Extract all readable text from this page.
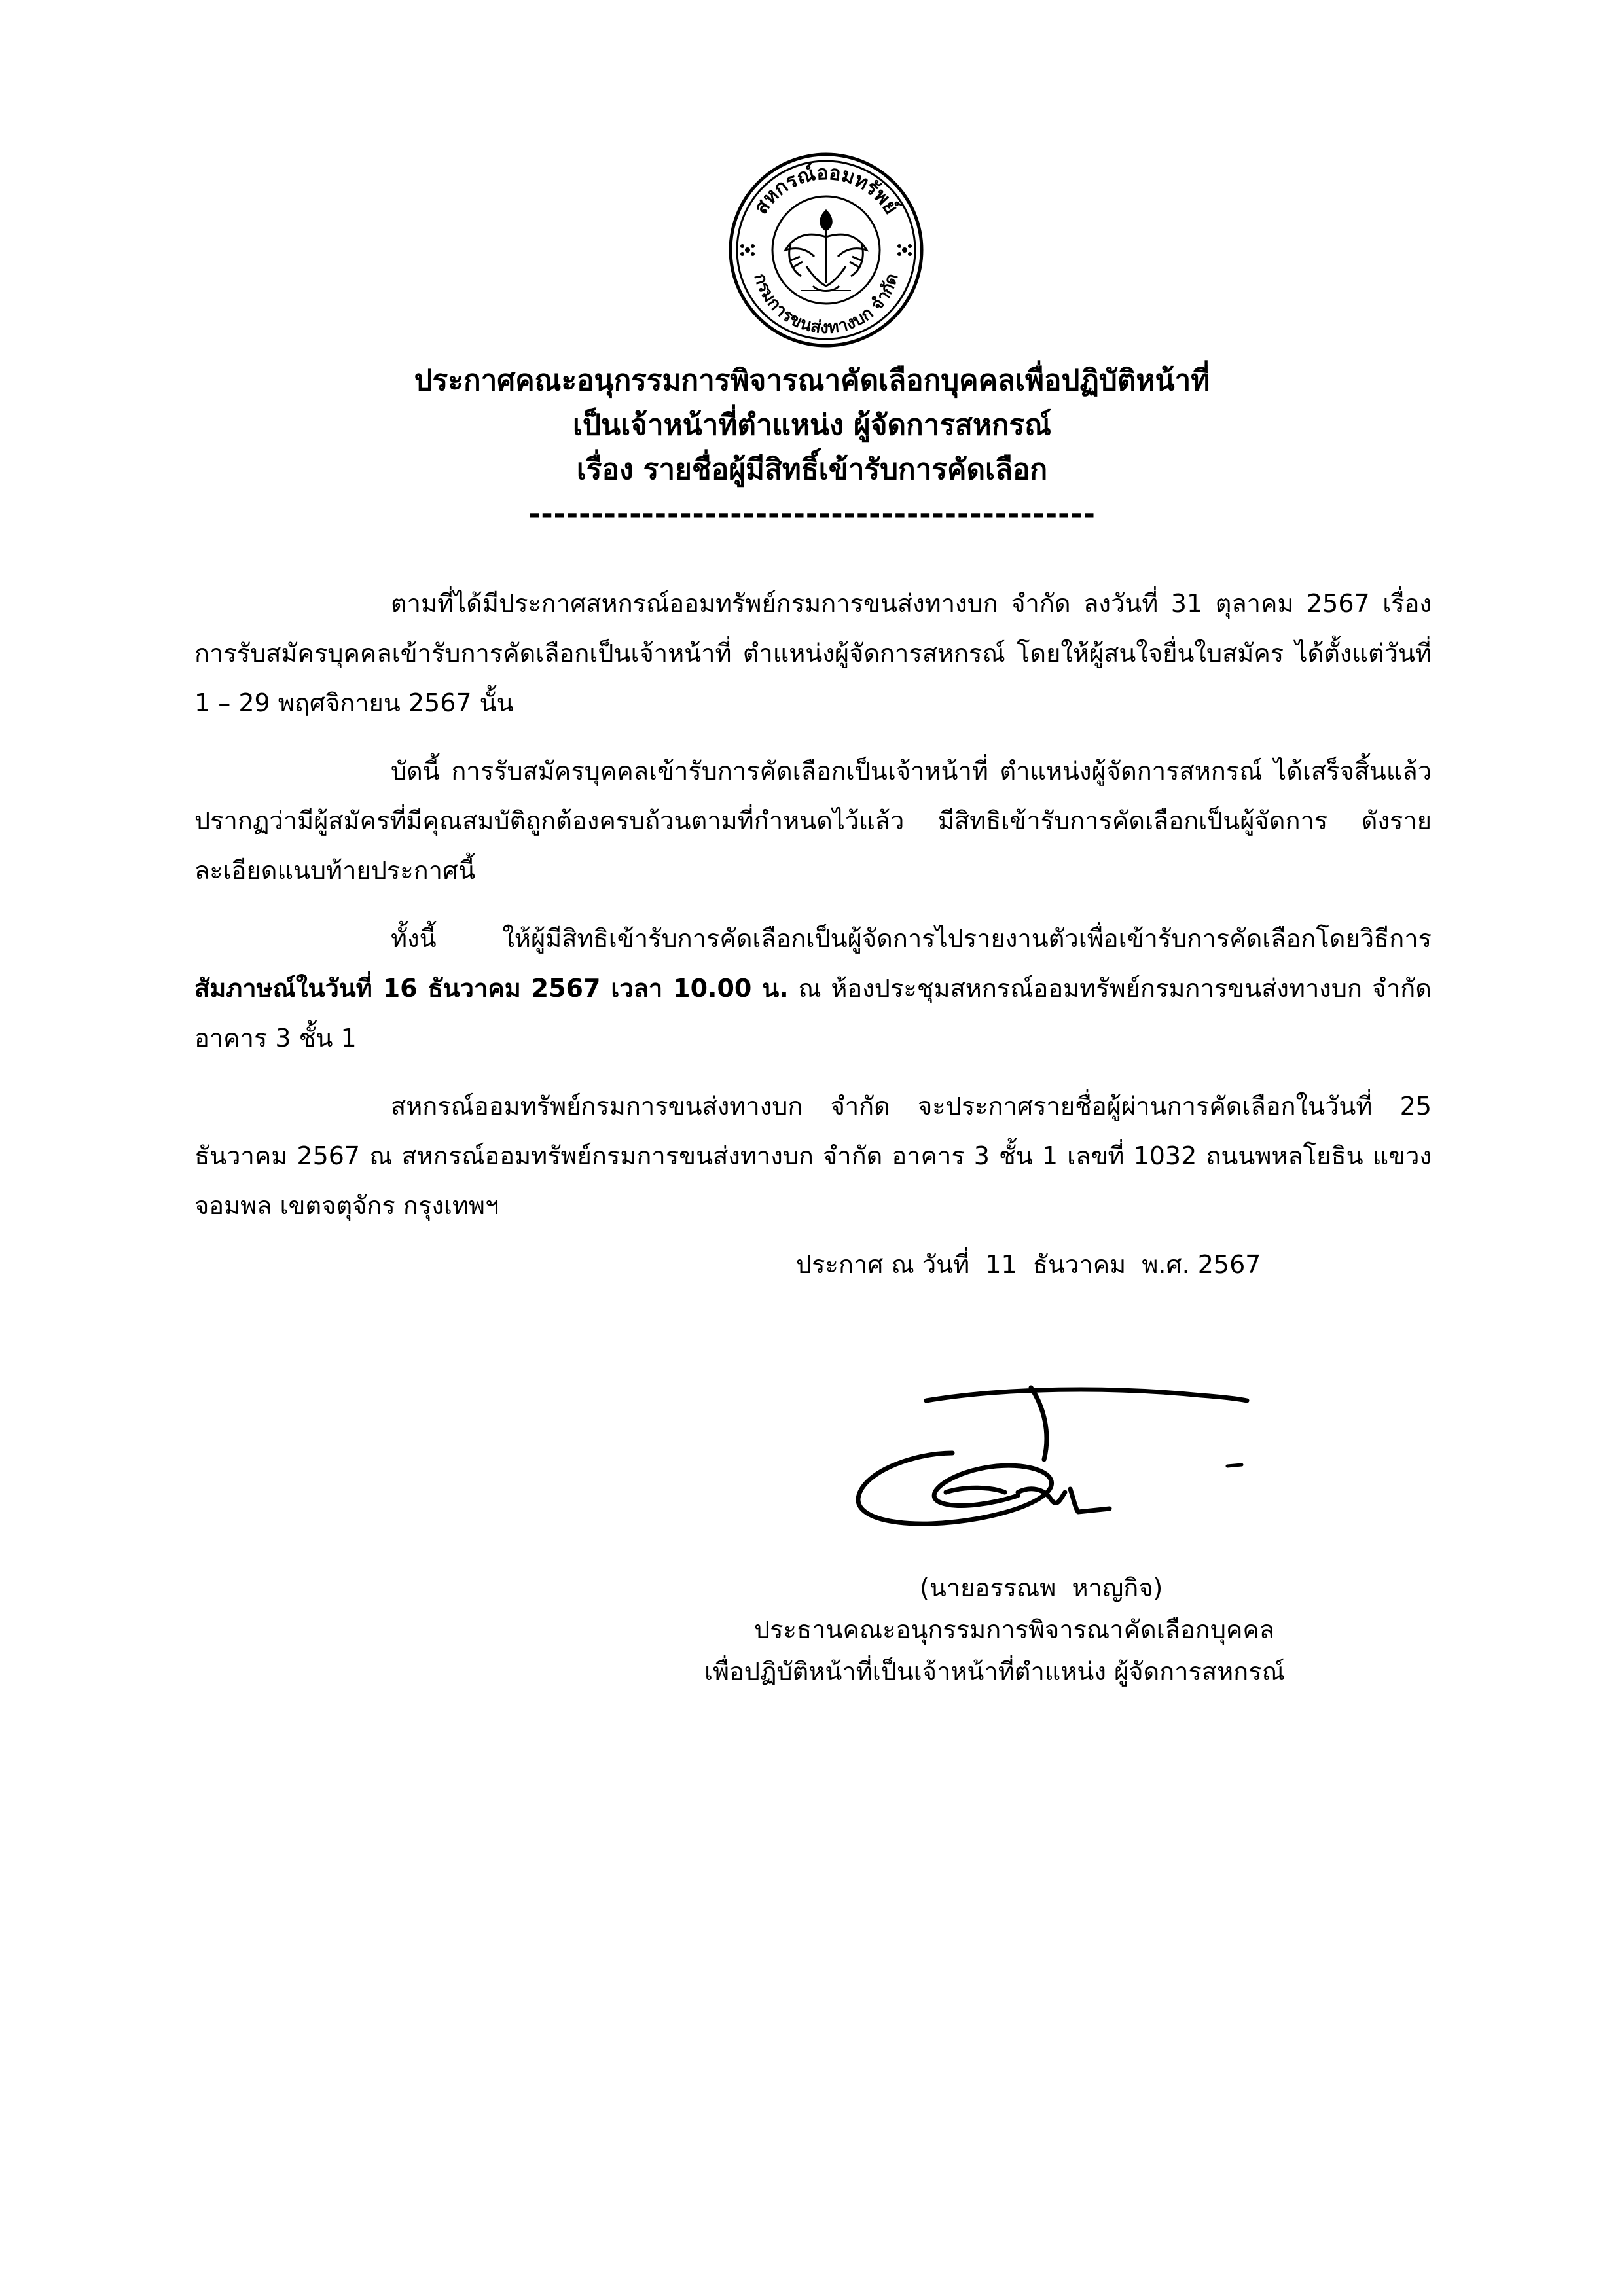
สหกรณ์ออมทรัพย์
กรมการขนส่งทางบก จำกัด
ประกาศคณะอนุกรรมการพิจารณาคัดเลือกบุคคลเพื่อปฏิบัติหน้าที่
เป็นเจ้าหน้าที่ตำแหน่ง ผู้จัดการสหกรณ์
เรื่อง รายชื่อผู้มีสิทธิ์เข้ารับการคัดเลือก
---------------------------------------------

ตามที่ได้มีประกาศสหกรณ์ออมทรัพย์กรมการขนส่งทางบก จำกัด ลงวันที่ 31 ตุลาคม 2567 เรื่อง การรับสมัครบุคคลเข้ารับการคัดเลือกเป็นเจ้าหน้าที่ ตำแหน่งผู้จัดการสหกรณ์ โดยให้ผู้สนใจยื่นใบสมัคร ได้ตั้งแต่วันที่ 1 – 29 พฤศจิกายน 2567 นั้น

บัดนี้ การรับสมัครบุคคลเข้ารับการคัดเลือกเป็นเจ้าหน้าที่ ตำแหน่งผู้จัดการสหกรณ์ ได้เสร็จสิ้นแล้ว ปรากฏว่ามีผู้สมัครที่มีคุณสมบัติถูกต้องครบถ้วนตามที่กำหนดไว้แล้ว มีสิทธิเข้ารับการคัดเลือกเป็นผู้จัดการ ดังรายละเอียดแนบท้ายประกาศนี้

ทั้งนี้ ให้ผู้มีสิทธิเข้ารับการคัดเลือกเป็นผู้จัดการไปรายงานตัวเพื่อเข้ารับการคัดเลือกโดยวิธีการสัมภาษณ์ในวันที่ 16 ธันวาคม 2567 เวลา 10.00 น. ณ ห้องประชุมสหกรณ์ออมทรัพย์กรมการขนส่งทางบก จำกัด อาคาร 3 ชั้น 1

สหกรณ์ออมทรัพย์กรมการขนส่งทางบก จำกัด จะประกาศรายชื่อผู้ผ่านการคัดเลือกในวันที่ 25 ธันวาคม 2567 ณ สหกรณ์ออมทรัพย์กรมการขนส่งทางบก จำกัด อาคาร 3 ชั้น 1 เลขที่ 1032 ถนนพหลโยธิน แขวงจอมพล เขตจตุจักร กรุงเทพฯ

ประกาศ ณ วันที่  11  ธันวาคม  พ.ศ. 2567
(นายอรรณพ  หาญกิจ)
ประธานคณะอนุกรรมการพิจารณาคัดเลือกบุคคล
เพื่อปฏิบัติหน้าที่เป็นเจ้าหน้าที่ตำแหน่ง ผู้จัดการสหกรณ์
